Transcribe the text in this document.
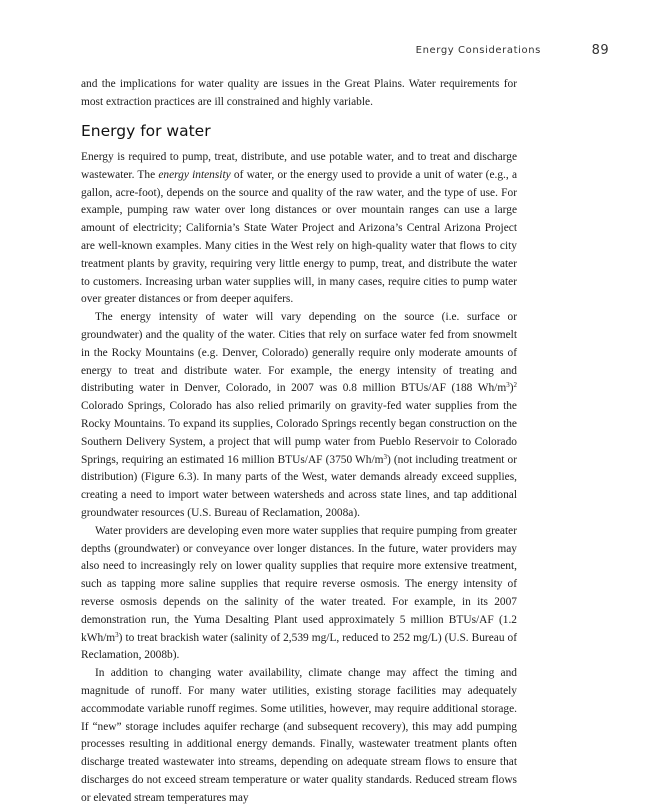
Energy Considerations	89

and the implications for water quality are issues in the Great Plains. Water requirements for most extraction practices are ill constrained and highly variable.

Energy for water

Energy is required to pump, treat, distribute, and use potable water, and to treat and discharge wastewater. The energy intensity of water, or the energy used to provide a unit of water (e.g., a gallon, acre-foot), depends on the source and quality of the raw water, and the type of use. For example, pumping raw water over long distances or over mountain ranges can use a large amount of electricity; California’s State Water Project and Arizona’s Central Arizona Project are well-known examples. Many cities in the West rely on high-quality water that flows to city treatment plants by gravity, requiring very little energy to pump, treat, and distribute the water to customers. Increasing urban water supplies will, in many cases, require cities to pump water over greater distances or from deeper aquifers.

The energy intensity of water will vary depending on the source (i.e. surface or groundwater) and the quality of the water. Cities that rely on surface water fed from snowmelt in the Rocky Mountains (e.g. Denver, Colorado) generally require only moderate amounts of energy to treat and distribute water. For example, the energy intensity of treating and distributing water in Denver, Colorado, in 2007 was 0.8 million BTUs/AF (188 $Wh/m^3)^2$ Colorado Springs, Colorado has also relied primarily on gravity-fed water supplies from the Rocky Mountains. To expand its supplies, Colorado Springs recently began construction on the Southern Delivery System, a project that will pump water from Pueblo Reservoir to Colorado Springs, requiring an estimated 16 million BTUs/AF (3750 $Wh/m^3$) (not including treatment or distribution) (Figure 6.3). In many parts of the West, water demands already exceed supplies, creating a need to import water between watersheds and across state lines, and tap additional groundwater resources (U.S. Bureau of Reclamation, 2008a).

Water providers are developing even more water supplies that require pumping from greater depths (groundwater) or conveyance over longer distances. In the future, water providers may also need to increasingly rely on lower quality supplies that require more extensive treatment, such as tapping more saline supplies that require reverse osmosis. The energy intensity of reverse osmosis depends on the salinity of the water treated. For example, in its 2007 demonstration run, the Yuma Desalting Plant used approximately 5 million BTUs/AF (1.2 kWh/$m^3$) to treat brackish water (salinity of 2,539 mg/L, reduced to 252 mg/L) (U.S. Bureau of Reclamation, 2008b).

In addition to changing water availability, climate change may affect the timing and magnitude of runoff. For many water utilities, existing storage facilities may adequately accommodate variable runoff regimes. Some utilities, however, may require additional storage. If “new” storage includes aquifer recharge (and subsequent recovery), this may add pumping processes resulting in additional energy demands. Finally, wastewater treatment plants often discharge treated wastewater into streams, depending on adequate stream flows to ensure that discharges do not exceed stream temperature or water quality standards. Reduced stream flows or elevated stream temperatures may
